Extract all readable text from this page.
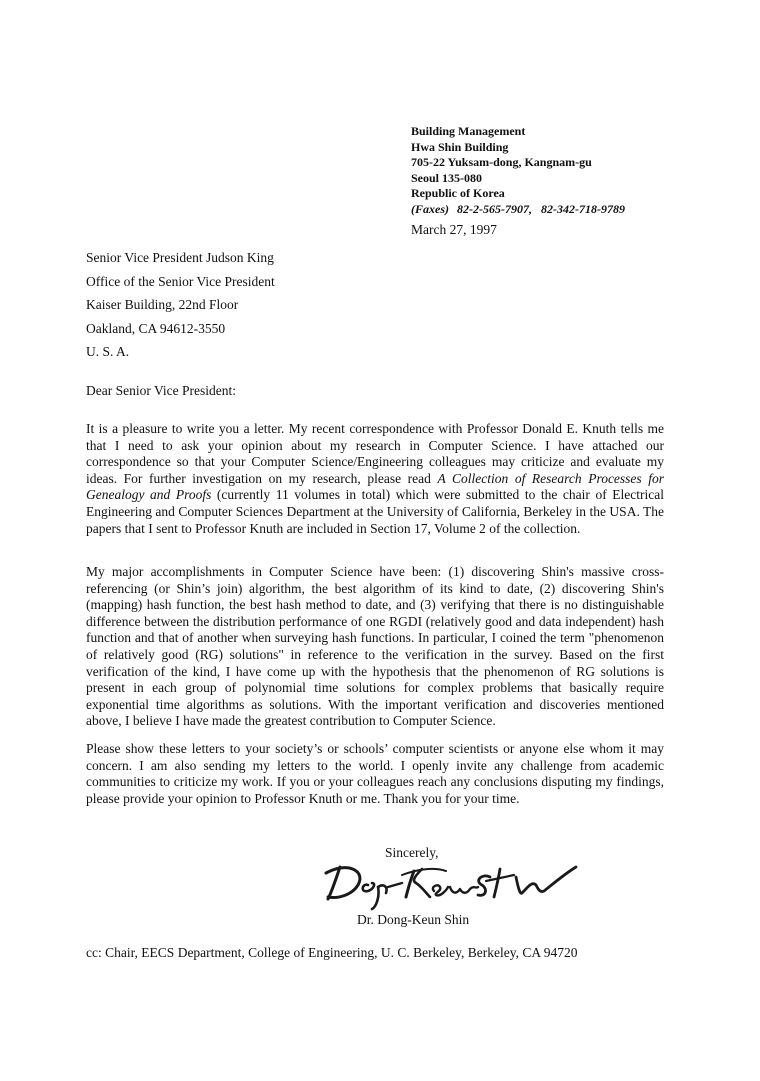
Building Management
Hwa Shin Building
705-22 Yuksam-dong, Kangnam-gu
Seoul 135-080
Republic of Korea
(Faxes) 82-2-565-7907,   82-342-718-9789
March 27, 1997
Senior Vice President Judson King
Office of the Senior Vice President
Kaiser Building, 22nd Floor
Oakland, CA 94612-3550
U. S. A.
Dear Senior Vice President:

It is a pleasure to write you a letter. My recent correspondence with Professor Donald E. Knuth tells me that I need to ask your opinion about my research in Computer Science. I have attached our correspondence so that your Computer Science/Engineering colleagues may criticize and evaluate my ideas. For further investigation on my research, please read A Collection of Research Processes for Genealogy and Proofs (currently 11 volumes in total) which were submitted to the chair of Electrical Engineering and Computer Sciences Department at the University of California, Berkeley in the USA. The papers that I sent to Professor Knuth are included in Section 17, Volume 2 of the collection.

My major accomplishments in Computer Science have been: (1) discovering Shin's massive cross-referencing (or Shin’s join) algorithm, the best algorithm of its kind to date, (2) discovering Shin's (mapping) hash function, the best hash method to date, and (3) verifying that there is no distinguishable difference between the distribution performance of one RGDI (relatively good and data independent) hash function and that of another when surveying hash functions. In particular, I coined the term "phenomenon of relatively good (RG) solutions" in reference to the verification in the survey. Based on the first verification of the kind, I have come up with the hypothesis that the phenomenon of RG solutions is present in each group of polynomial time solutions for complex problems that basically require exponential time algorithms as solutions. With the important verification and discoveries mentioned above, I believe I have made the greatest contribution to Computer Science.

Please show these letters to your society’s or schools’ computer scientists or anyone else whom it may concern. I am also sending my letters to the world. I openly invite any challenge from academic communities to criticize my work. If you or your colleagues reach any conclusions disputing my findings, please provide your opinion to Professor Knuth or me. Thank you for your time.

Sincerely,
Dr. Dong-Keun Shin
cc: Chair, EECS Department, College of Engineering, U. C. Berkeley, Berkeley, CA 94720
